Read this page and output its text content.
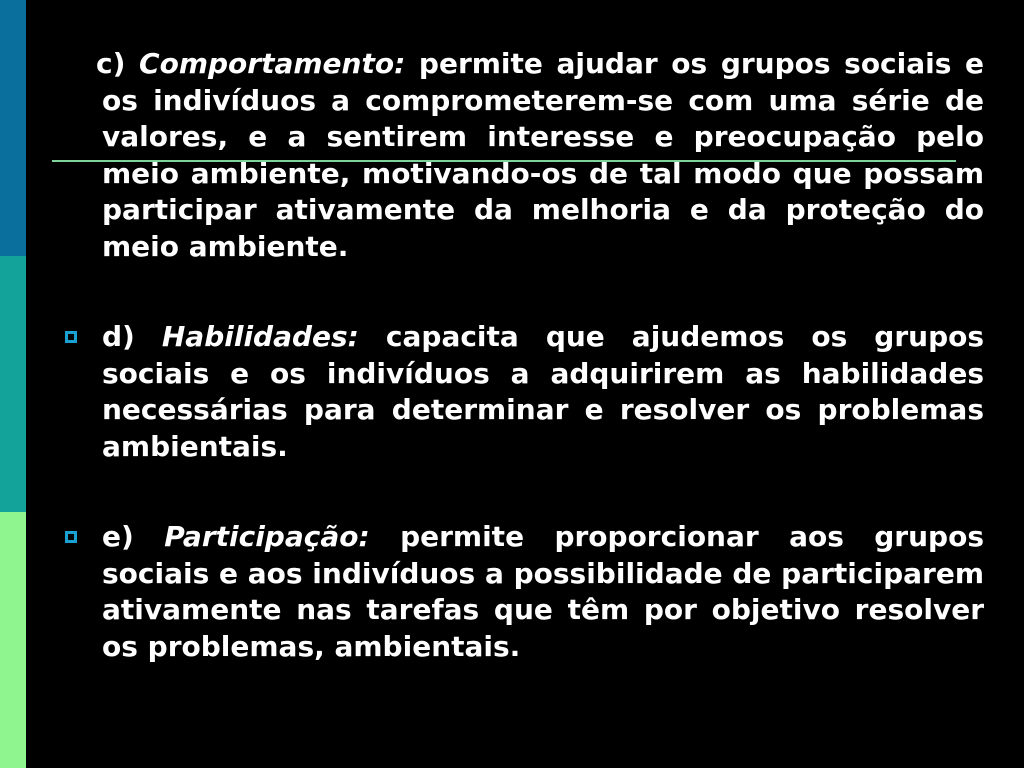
c) Comportamento: permite ajudar os grupos sociais e os indivíduos a comprometerem-se com uma série de valores, e a sentirem interesse e preocupação pelo meio ambiente, motivando-os de tal modo que possam participar ativamente da melhoria e da proteção do meio ambiente.

d) Habilidades: capacita que ajudemos os grupos sociais e os indivíduos a adquirirem as habilidades necessárias para determinar e resolver os problemas ambientais.

e) Participação: permite proporcionar aos grupos sociais e aos indivíduos a possibilidade de participarem ativamente nas tarefas que têm por objetivo resolver os problemas, ambientais.
